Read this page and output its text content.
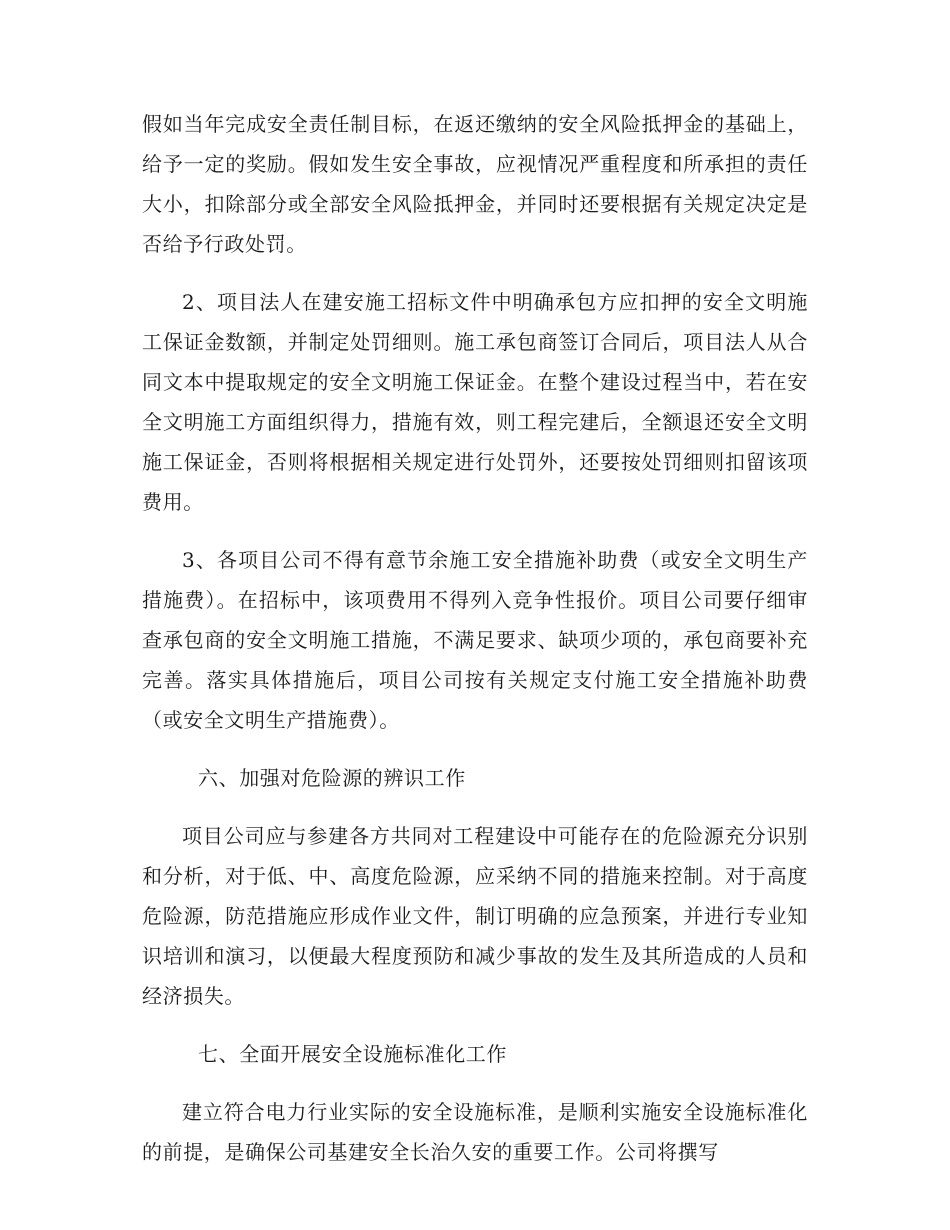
假如当年完成安全责任制目标，在返还缴纳的安全风险抵押金的基础上，给予一定的奖励。假如发生安全事故，应视情况严重程度和所承担的责任大小，扣除部分或全部安全风险抵押金，并同时还要根据有关规定决定是否给予行政处罚。

2、项目法人在建安施工招标文件中明确承包方应扣押的安全文明施工保证金数额，并制定处罚细则。施工承包商签订合同后，项目法人从合同文本中提取规定的安全文明施工保证金。在整个建设过程当中，若在安全文明施工方面组织得力，措施有效，则工程完建后，全额退还安全文明施工保证金，否则将根据相关规定进行处罚外，还要按处罚细则扣留该项费用。

3、各项目公司不得有意节余施工安全措施补助费（或安全文明生产措施费）。在招标中，该项费用不得列入竞争性报价。项目公司要仔细审查承包商的安全文明施工措施，不满足要求、缺项少项的，承包商要补充完善。落实具体措施后，项目公司按有关规定支付施工安全措施补助费（或安全文明生产措施费）。

六、加强对危险源的辨识工作

项目公司应与参建各方共同对工程建设中可能存在的危险源充分识别和分析，对于低、中、高度危险源，应采纳不同的措施来控制。对于高度危险源，防范措施应形成作业文件，制订明确的应急预案，并进行专业知识培训和演习，以便最大程度预防和减少事故的发生及其所造成的人员和经济损失。

七、全面开展安全设施标准化工作

建立符合电力行业实际的安全设施标准，是顺利实施安全设施标准化的前提，是确保公司基建安全长治久安的重要工作。公司将撰写
